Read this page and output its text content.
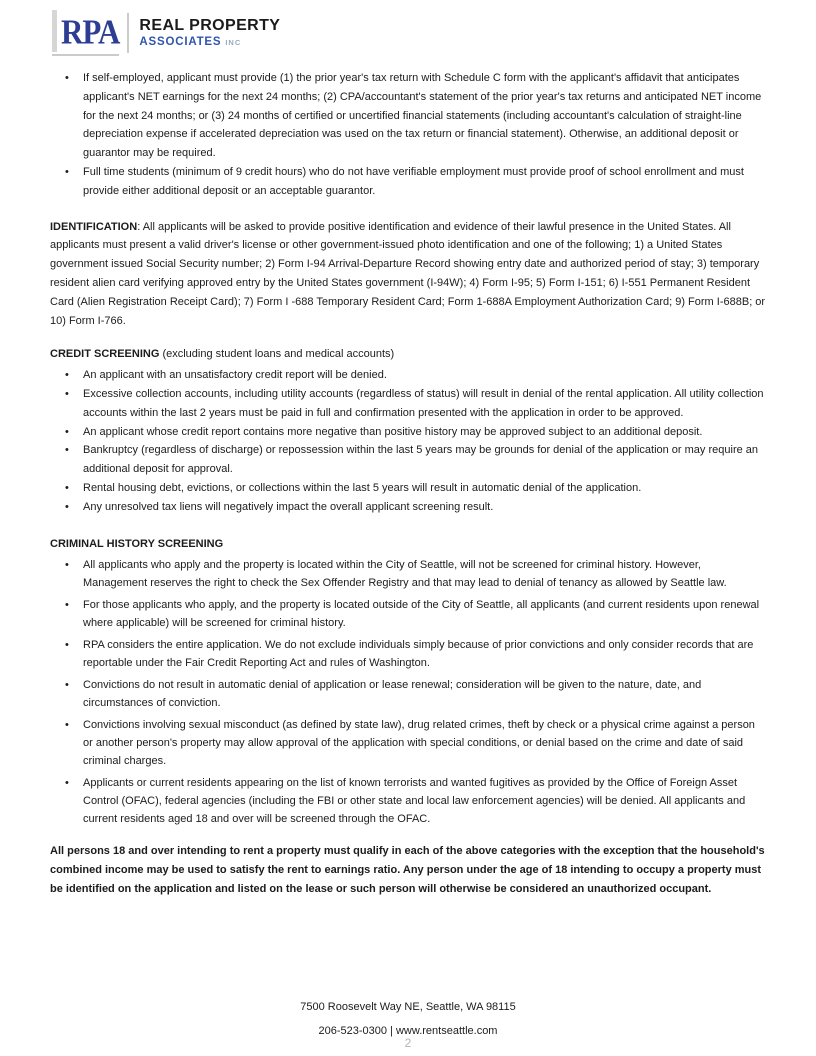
RPA REAL PROPERTY
ASSOCIATES INC
• If self-employed, applicant must provide (1) the prior year's tax return with Schedule C form with the applicant's affidavit that anticipates applicant's NET earnings for the next 24 months; (2) CPA/accountant's statement of the prior year's tax returns and anticipated NET income for the next 24 months; or (3) 24 months of certified or uncertified financial statements (including accountant's calculation of straight-line depreciation expense if accelerated depreciation was used on the tax return or financial statement). Otherwise, an additional deposit or guarantor may be required.
• Full time students (minimum of 9 credit hours) who do not have verifiable employment must provide proof of school enrollment and must provide either additional deposit or an acceptable guarantor.

IDENTIFICATION: All applicants will be asked to provide positive identification and evidence of their lawful presence in the United States. All applicants must present a valid driver's license or other government-issued photo identification and one of the following; 1) a United States government issued Social Security number; 2) Form I-94 Arrival-Departure Record showing entry date and authorized period of stay; 3) temporary resident alien card verifying approved entry by the United States government (I-94W); 4) Form I-95; 5) Form I-151; 6) I-551 Permanent Resident Card (Alien Registration Receipt Card); 7) Form I -688 Temporary Resident Card; Form 1-688A Employment Authorization Card; 9) Form I-688B; or 10) Form I-766.

CREDIT SCREENING (excluding student loans and medical accounts)

• An applicant with an unsatisfactory credit report will be denied.
• Excessive collection accounts, including utility accounts (regardless of status) will result in denial of the rental application. All utility collection accounts within the last 2 years must be paid in full and confirmation presented with the application in order to be approved.
• An applicant whose credit report contains more negative than positive history may be approved subject to an additional deposit.
• Bankruptcy (regardless of discharge) or repossession within the last 5 years may be grounds for denial of the application or may require an additional deposit for approval.
• Rental housing debt, evictions, or collections within the last 5 years will result in automatic denial of the application.
• Any unresolved tax liens will negatively impact the overall applicant screening result.

CRIMINAL HISTORY SCREENING

• All applicants who apply and the property is located within the City of Seattle, will not be screened for criminal history. However, Management reserves the right to check the Sex Offender Registry and that may lead to denial of tenancy as allowed by Seattle law.
• For those applicants who apply, and the property is located outside of the City of Seattle, all applicants (and current residents upon renewal where applicable) will be screened for criminal history.
• RPA considers the entire application. We do not exclude individuals simply because of prior convictions and only consider records that are reportable under the Fair Credit Reporting Act and rules of Washington.
• Convictions do not result in automatic denial of application or lease renewal; consideration will be given to the nature, date, and circumstances of conviction.
• Convictions involving sexual misconduct (as defined by state law), drug related crimes, theft by check or a physical crime against a person or another person's property may allow approval of the application with special conditions, or denial based on the crime and date of said criminal charges.
• Applicants or current residents appearing on the list of known terrorists and wanted fugitives as provided by the Office of Foreign Asset Control (OFAC), federal agencies (including the FBI or other state and local law enforcement agencies) will be denied. All applicants and current residents aged 18 and over will be screened through the OFAC.

All persons 18 and over intending to rent a property must qualify in each of the above categories with the exception that the household's combined income may be used to satisfy the rent to earnings ratio. Any person under the age of 18 intending to occupy a property must be identified on the application and listed on the lease or such person will otherwise be considered an unauthorized occupant.

7500 Roosevelt Way NE, Seattle, WA 98115
206-523-0300 | www.rentseattle.com
2
